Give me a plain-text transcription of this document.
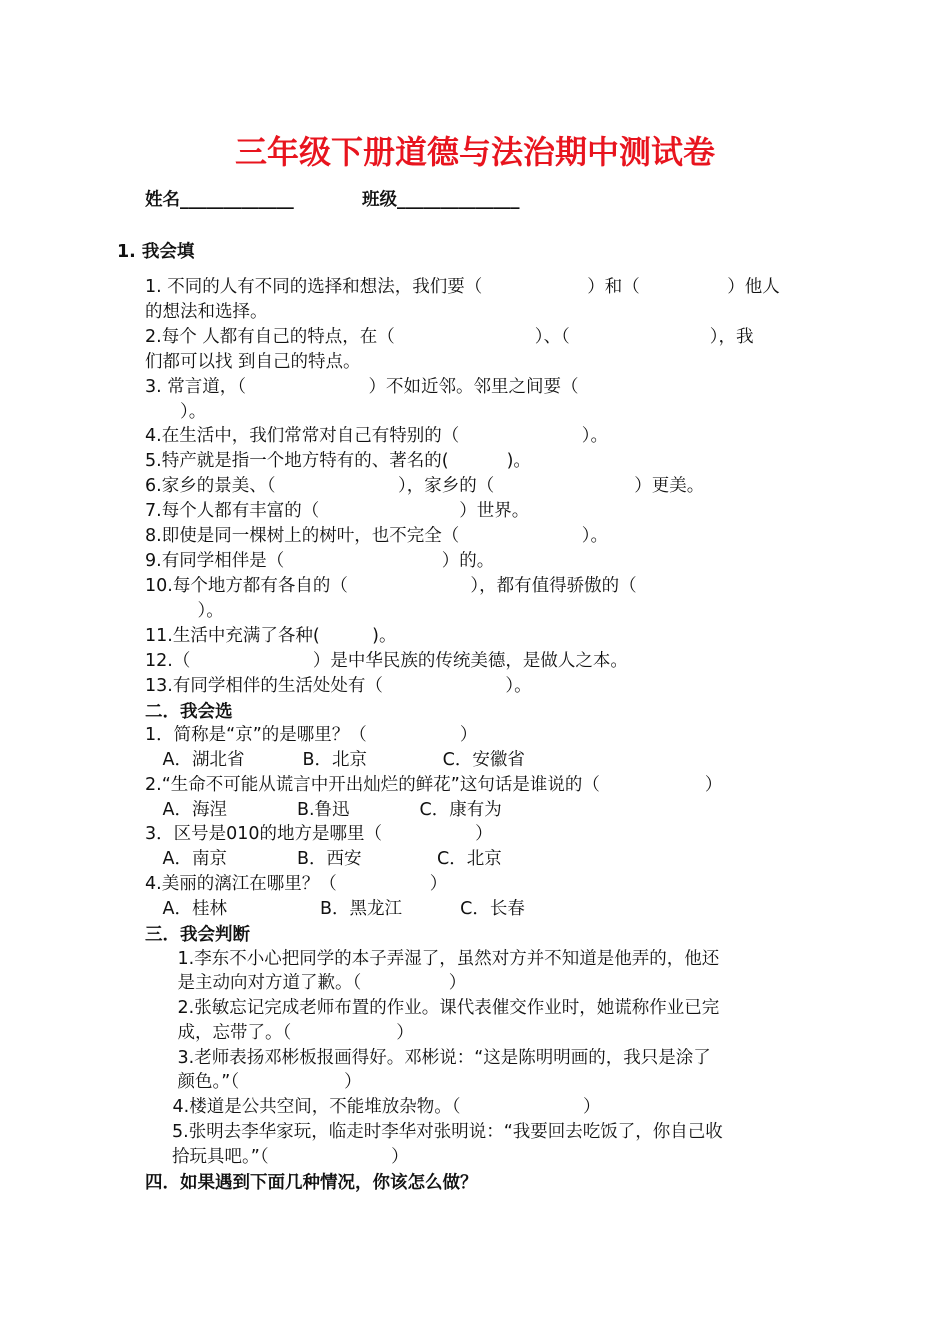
三年级下册道德与法治期中测试卷
姓名_____________	班级______________
1. 我会填
1. 不同的人有不同的选择和想法，我们要（　　　　　　）和（　　　　　）他人
的想法和选择。
2.每个 人都有自己的特点，在（　　　　　　　　）、（　　　　　　　　），我
们都可以找 到自己的特点。
3. 常言道，（　　　　　　　）不如近邻。邻里之间要（
　　）。
4.在生活中，我们常常对自己有特别的（　　　　　　　）。
5.特产就是指一个地方特有的、著名的(　　　 )。
6.家乡的景美、（　　　　　　　），家乡的（　　　　　　　　）更美。
7.每个人都有丰富的（　　　　　　　　）世界。
8.即使是同一棵树上的树叶，也不完全（　　　　　　　）。
9.有同学相伴是（　　　　　　　　　）的。
10.每个地方都有各自的（　　　　　　　），都有值得骄傲的（
　　　）。
11.生活中充满了各种(　　　)。
12.（　　　　　　　）是中华民族的传统美德，是做人之本。
13.有同学相伴的生活处处有（　　　　　　　）。
二．我会选
1．简称是“京”的是哪里？（　　　　　 ）
　A．湖北省　　　 B．北京　　　　 C．安徽省
2.“生命不可能从谎言中开出灿烂的鲜花”这句话是谁说的（　　　　　　）
　A．海涅　　　　B.鲁迅　　　　C．康有为
3．区号是010的地方是哪里（　　　　　 ）
　A．南京　　　　B．西安　　　　 C．北京
4.美丽的漓江在哪里？（　　　　　 ）
　A．桂林　　　　　 B．黑龙江　　　 C．长春
三．我会判断
　1.李东不小心把同学的本子弄湿了，虽然对方并不知道是他弄的，他还
　是主动向对方道了歉。（　　　　　）
　2.张敏忘记完成老师布置的作业。课代表催交作业时，她谎称作业已完
　成，忘带了。（　　　　　　）
　3.老师表扬邓彬板报画得好。邓彬说：“这是陈明明画的，我只是涂了
　颜色。”（　　　　　　）
　4.楼道是公共空间，不能堆放杂物。（　　　　　　　）
5.张明去李华家玩，临走时李华对张明说：“我要回去吃饭了，你自己收
拾玩具吧。”（　　　　　　　）
四．如果遇到下面几种情况，你该怎么做？
